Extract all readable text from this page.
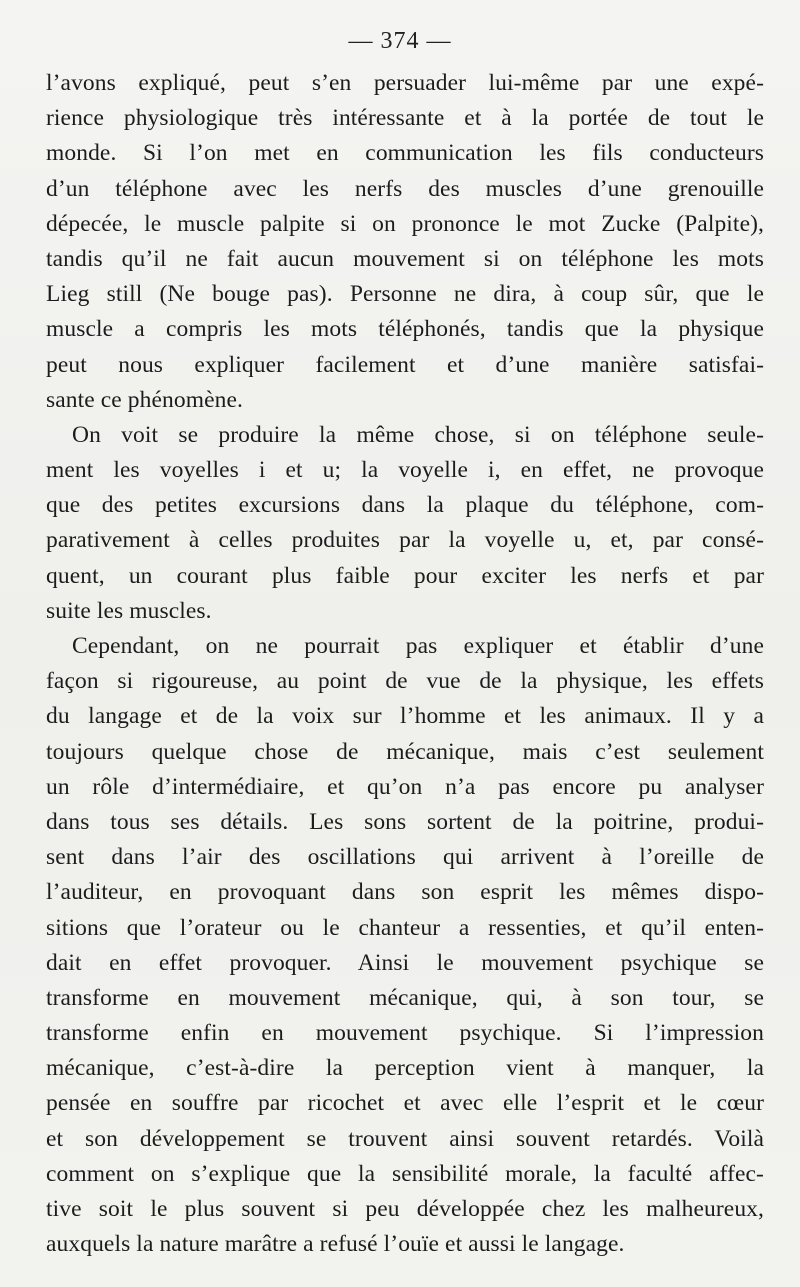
— 374 —
l’avons expliqué, peut s’en persuader lui-même par une expé-
rience physiologique très intéressante et à la portée de tout le
monde. Si l’on met en communication les fils conducteurs
d’un téléphone avec les nerfs des muscles d’une grenouille
dépecée, le muscle palpite si on prononce le mot Zucke (Palpite),
tandis qu’il ne fait aucun mouvement si on téléphone les mots
Lieg still (Ne bouge pas). Personne ne dira, à coup sûr, que le
muscle a compris les mots téléphonés, tandis que la physique
peut nous expliquer facilement et d’une manière satisfai-
sante ce phénomène.
On voit se produire la même chose, si on téléphone seule-
ment les voyelles i et u; la voyelle i, en effet, ne provoque
que des petites excursions dans la plaque du téléphone, com-
parativement à celles produites par la voyelle u, et, par consé-
quent, un courant plus faible pour exciter les nerfs et par
suite les muscles.
Cependant, on ne pourrait pas expliquer et établir d’une
façon si rigoureuse, au point de vue de la physique, les effets
du langage et de la voix sur l’homme et les animaux. Il y a
toujours quelque chose de mécanique, mais c’est seulement
un rôle d’intermédiaire, et qu’on n’a pas encore pu analyser
dans tous ses détails. Les sons sortent de la poitrine, produi-
sent dans l’air des oscillations qui arrivent à l’oreille de
l’auditeur, en provoquant dans son esprit les mêmes dispo-
sitions que l’orateur ou le chanteur a ressenties, et qu’il enten-
dait en effet provoquer. Ainsi le mouvement psychique se
transforme en mouvement mécanique, qui, à son tour, se
transforme enfin en mouvement psychique. Si l’impression
mécanique, c’est-à-dire la perception vient à manquer, la
pensée en souffre par ricochet et avec elle l’esprit et le cœur
et son développement se trouvent ainsi souvent retardés. Voilà
comment on s’explique que la sensibilité morale, la faculté affec-
tive soit le plus souvent si peu développée chez les malheureux,
auxquels la nature marâtre a refusé l’ouïe et aussi le langage.
